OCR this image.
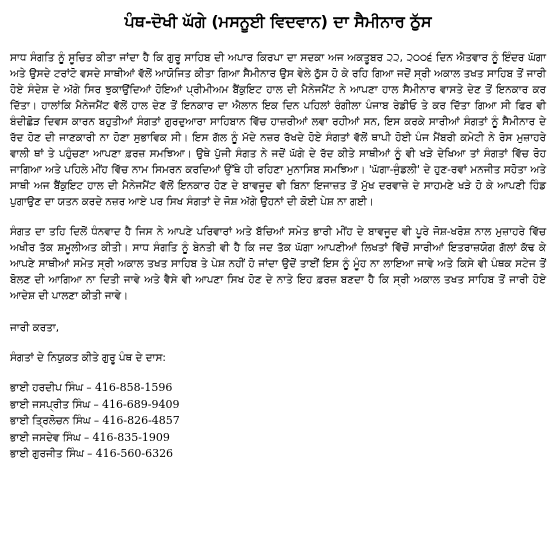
ਪੰਥ-ਦੋਖੀ ਘੱਗੇ (ਮਸਨੂਈ ਵਿਦਵਾਨ) ਦਾ ਸੈਮੀਨਾਰ ਠੁੱਸ

ਸਾਧ ਸੰਗਤਿ ਨੂੰ ਸੂਚਿਤ ਕੀਤਾ ਜਾਂਦਾ ਹੈ ਕਿ ਗੁਰੂ ਸਾਹਿਬ ਦੀ ਅਪਾਰ ਕਿਰਪਾ ਦਾ ਸਦਕਾ ਅਜ ਅਕਤੂਬਰ ੨੨, ੨੦੦੬ ਦਿਨ ਐਤਵਾਰ ਨੂੰ ਇੰਦਰ ਘੱਗਾ ਅਤੇ ਉਸਦੇ ਟਰਾਂਟੋ ਵਸਦੇ ਸਾਥੀਆਂ ਵੱਲੋਂ ਆਯੋਜਿਤ ਕੀਤਾ ਗਿਆ ਸੈਮੀਨਾਰ ਉਸ ਵੇਲੇ ਠੁੱਸ ਹੋ ਕੇ ਰਹਿ ਗਿਆ ਜਦੋਂ ਸ੍ਰੀ ਅਕਾਲ ਤਖਤ ਸਾਹਿਬ ਤੋਂ ਜਾਰੀ ਹੋਏ ਸੰਦੇਸ਼ ਦੇ ਅੱਗੇ ਸਿਰ ਝੁਕਾਉਂਦਿਆਂ ਹੋਇਆਂ ਪ੍ਰੀਮੀਅਮ ਬੈਂਕੁਇਟ ਹਾਲ ਦੀ ਮੈਨੇਜਮੈਂਟ ਨੇ ਆਪਣਾ ਹਾਲ ਸੈਮੀਨਾਰ ਵਾਸਤੇ ਦੇਣ ਤੋਂ ਇਨਕਾਰ ਕਰ ਦਿੱਤਾ। ਹਾਲਾਂਕਿ ਮੈਨੇਜਮੈਂਟ ਵੱਲੋਂ ਹਾਲ ਦੇਣ ਤੋਂ ਇਨਕਾਰ ਦਾ ਐਲਾਨ ਇਕ ਦਿਨ ਪਹਿਲਾਂ ਰੰਗੀਲਾ ਪੰਜਾਬ ਰੇਡੀਓ ਤੇ ਕਰ ਦਿੱਤਾ ਗਿਆ ਸੀ ਫਿਰ ਵੀ ਬੰਦੀਛੋੜ ਦਿਵਸ ਕਾਰਨ ਬਹੁਤੀਆਂ ਸੰਗਤਾਂ ਗੁਰਦੁਆਰਾ ਸਾਹਿਬਾਨ ਵਿੱਚ ਹਾਜ਼ਰੀਆਂ ਲਵਾ ਰਹੀਆਂ ਸਨ, ਇਸ ਕਰਕੇ ਸਾਰੀਆਂ ਸੰਗਤਾਂ ਨੂੰ ਸੈਮੀਨਾਰ ਦੇ ਰੱਦ ਹੋਣ ਦੀ ਜਾਣਕਾਰੀ ਨਾ ਹੋਣਾ ਸੁਭਾਵਿਕ ਸੀ। ਇਸ ਗੱਲ ਨੂੰ ਮੱਦੇ ਨਜ਼ਰ ਰੱਖਦੇ ਹੋਏ ਸੰਗਤਾਂ ਵੱਲੋਂ ਥਾਪੀ ਹੋਈ ਪੰਜ ਮੈਂਬਰੀ ਕਮੇਟੀ ਨੇ ਰੋਸ ਮੁਜ਼ਾਹਰੇ ਵਾਲੀ ਥਾਂ ਤੇ ਪਹੁੰਚਣਾ ਆਪਣਾ ਫ਼ਰਜ਼ ਸਮਝਿਆ। ਉਥੇ ਪੁੱਜੀ ਸੰਗਤ ਨੇ ਜਦੋਂ ਘੱਗੇ ਦੇ ਰੱਦ ਕੀਤੇ ਸਾਥੀਆਂ ਨੂੰ ਵੀ ਖੜੇ ਦੇਖਿਆ ਤਾਂ ਸੰਗਤਾਂ ਵਿੱਚ ਰੋਹ ਜਾਗਿਆ ਅਤੇ ਪਹਿਲੇ ਮੀਂਹ ਵਿੱਚ ਨਾਮ ਸਿਮਰਨ ਕਰਦਿਆਂ ਉੱਥੇ ਹੀ ਰਹਿਣਾ ਮੁਨਾਸਿਬ ਸਮਝਿਆ। 'ਘੱਗਾ-ਜੁੰਡਲੀ' ਦੇ ਹੁਣ-ਰਵਾਂ ਮਨਜੀਤ ਸਹੋਤਾ ਅਤੇ ਸਾਥੀ ਅਜ ਬੈਂਕੁਇਟ ਹਾਲ ਦੀ ਮੈਨੇਜਮੈਂਟ ਵੱਲੋਂ ਇਨਕਾਰ ਹੋਣ ਦੇ ਬਾਵਜੂਦ ਵੀ ਬਿਨਾ ਇਜਾਜ਼ਤ ਤੋਂ ਮੁੱਖ ਦਰਵਾਜ਼ੇ ਦੇ ਸਾਹਮਣੇ ਖੜੇ ਹੋ ਕੇ ਆਪਣੀ ਹਿੰਡ ਪੁਗਾਉਣ ਦਾ ਯਤਨ ਕਰਦੇ ਨਜ਼ਰ ਆਏ ਪਰ ਸਿਖ ਸੰਗਤਾਂ ਦੇ ਜੋਸ਼ ਅੱਗੇ ਉਹਨਾਂ ਦੀ ਕੋਈ ਪੇਸ਼ ਨਾ ਗਈ।

ਸੰਗਤ ਦਾ ਤਹਿ ਦਿਲੋਂ ਧੰਨਵਾਦ ਹੈ ਜਿਸ ਨੇ ਆਪਣੇ ਪਰਿਵਾਰਾਂ ਅਤੇ ਬੱਚਿਆਂ ਸਮੇਤ ਭਾਰੀ ਮੀਂਹ ਦੇ ਬਾਵਜੂਦ ਵੀ ਪੂਰੇ ਜੋਸ਼-ਖਰੋਸ਼ ਨਾਲ ਮੁਜ਼ਾਹਰੇ ਵਿੱਚ ਅਖੀਰ ਤੱਕ ਸ਼ਮੂਲੀਅਤ ਕੀਤੀ। ਸਾਧ ਸੰਗਤਿ ਨੂੰ ਬੇਨਤੀ ਵੀ ਹੈ ਕਿ ਜਦ ਤੱਕ ਘੱਗਾ ਆਪਣੀਆਂ ਲਿਖਤਾਂ ਵਿੱਚੋਂ ਸਾਰੀਆਂ ਇਤਰਾਜ਼ਯੋਗ ਗੱਲਾਂ ਕੱਢ ਕੇ ਆਪਣੇ ਸਾਥੀਆਂ ਸਮੇਤ ਸ੍ਰੀ ਅਕਾਲ ਤਖਤ ਸਾਹਿਬ ਤੇ ਪੇਸ਼ ਨਹੀਂ ਹੋ ਜਾਂਦਾ ਉਦੋਂ ਤਾਈਂ ਇਸ ਨੂੰ ਮੂੰਹ ਨਾ ਲਾਇਆ ਜਾਵੇ ਅਤੇ ਕਿਸੇ ਵੀ ਪੰਥਕ ਸਟੇਜ ਤੋਂ ਬੋਲਣ ਦੀ ਆਗਿਆ ਨਾ ਦਿਤੀ ਜਾਵੇ ਅਤੇ ਵੈਸੇ ਵੀ ਆਪਣਾ ਸਿਖ ਹੋਣ ਦੇ ਨਾਤੇ ਇਹ ਫ਼ਰਜ਼ ਬਣਦਾ ਹੈ ਕਿ ਸ੍ਰੀ ਅਕਾਲ ਤਖਤ ਸਾਹਿਬ ਤੋਂ ਜਾਰੀ ਹੋਏ ਆਦੇਸ਼ ਦੀ ਪਾਲਣਾ ਕੀਤੀ ਜਾਵੇ।

ਜਾਰੀ ਕਰਤਾ,
ਸੰਗਤਾਂ ਦੇ ਨਿਯੁਕਤ ਕੀਤੇ ਗੁਰੂ ਪੰਥ ਦੇ ਦਾਸ:
ਭਾਈ ਹਰਦੀਪ ਸਿੰਘ – 416-858-1596
ਭਾਈ ਜਸਪ੍ਰੀਤ ਸਿੰਘ – 416-689-9409
ਭਾਈ ਤ੍ਰਿਲੋਚਨ ਸਿੰਘ – 416-826-4857
ਭਾਈ ਜਸਦੇਵ ਸਿੰਘ – 416-835-1909
ਭਾਈ ਗੁਰਜੀਤ ਸਿੰਘ – 416-560-6326
